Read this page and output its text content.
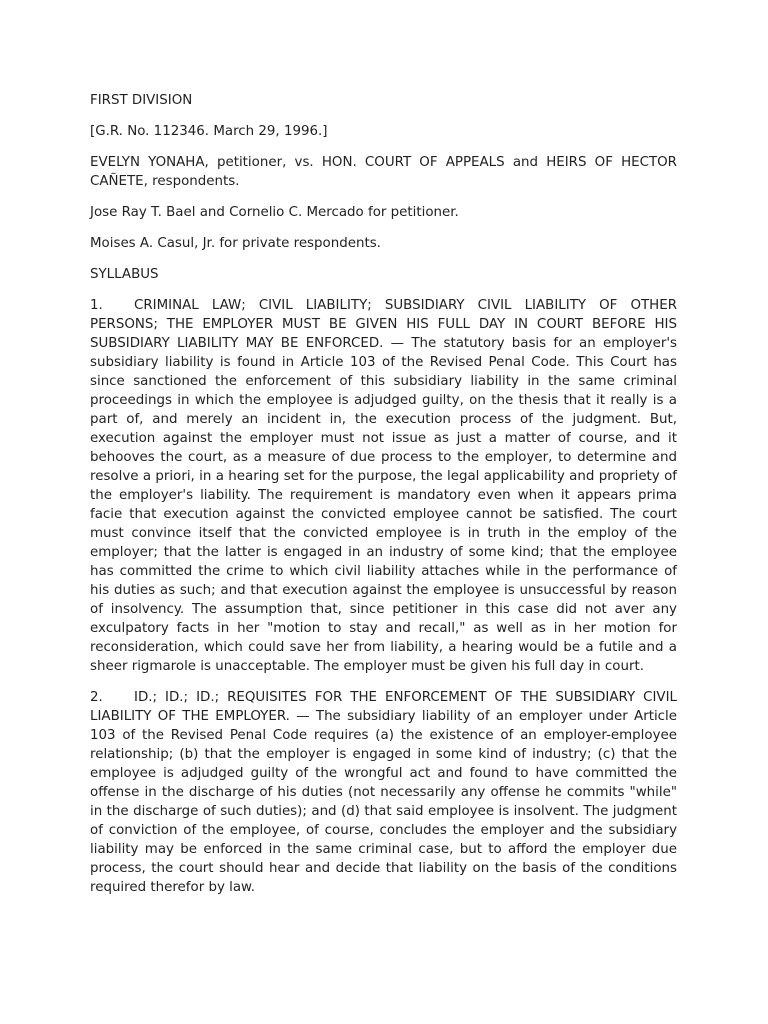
FIRST DIVISION

[G.R. No. 112346. March 29, 1996.]

EVELYN YONAHA, petitioner, vs. HON. COURT OF APPEALS and HEIRS OF HECTOR CAÑETE, respondents.

Jose Ray T. Bael and Cornelio C. Mercado for petitioner.

Moises A. Casul, Jr. for private respondents.

SYLLABUS

1. CRIMINAL LAW; CIVIL LIABILITY; SUBSIDIARY CIVIL LIABILITY OF OTHER PERSONS; THE EMPLOYER MUST BE GIVEN HIS FULL DAY IN COURT BEFORE HIS SUBSIDIARY LIABILITY MAY BE ENFORCED. — The statutory basis for an employer's subsidiary liability is found in Article 103 of the Revised Penal Code. This Court has since sanctioned the enforcement of this subsidiary liability in the same criminal proceedings in which the employee is adjudged guilty, on the thesis that it really is a part of, and merely an incident in, the execution process of the judgment. But, execution against the employer must not issue as just a matter of course, and it behooves the court, as a measure of due process to the employer, to determine and resolve a priori, in a hearing set for the purpose, the legal applicability and propriety of the employer's liability. The requirement is mandatory even when it appears prima facie that execution against the convicted employee cannot be satisfied. The court must convince itself that the convicted employee is in truth in the employ of the employer; that the latter is engaged in an industry of some kind; that the employee has committed the crime to which civil liability attaches while in the performance of his duties as such; and that execution against the employee is unsuccessful by reason of insolvency. The assumption that, since petitioner in this case did not aver any exculpatory facts in her "motion to stay and recall," as well as in her motion for reconsideration, which could save her from liability, a hearing would be a futile and a sheer rigmarole is unacceptable. The employer must be given his full day in court.

2. ID.; ID.; ID.; REQUISITES FOR THE ENFORCEMENT OF THE SUBSIDIARY CIVIL LIABILITY OF THE EMPLOYER. — The subsidiary liability of an employer under Article 103 of the Revised Penal Code requires (a) the existence of an employer-employee relationship; (b) that the employer is engaged in some kind of industry; (c) that the employee is adjudged guilty of the wrongful act and found to have committed the offense in the discharge of his duties (not necessarily any offense he commits "while" in the discharge of such duties); and (d) that said employee is insolvent. The judgment of conviction of the employee, of course, concludes the employer and the subsidiary liability may be enforced in the same criminal case, but to afford the employer due process, the court should hear and decide that liability on the basis of the conditions required therefor by law.
